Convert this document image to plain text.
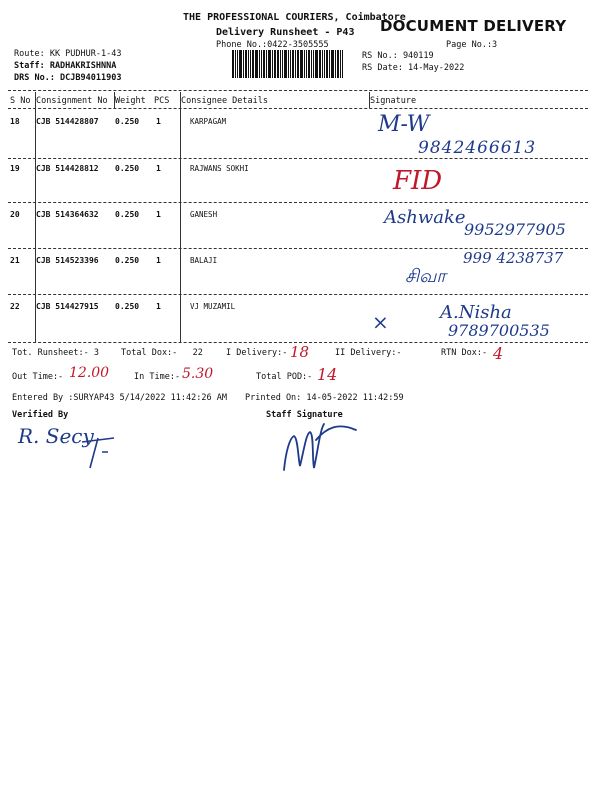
THE PROFESSIONAL COURIERS, Coimbatore
DOCUMENT DELIVERY
Delivery Runsheet - P43
Phone No.:0422-3505555	Page No.:3
Route: KK PUDHUR-1-43
Staff: RADHAKRISHNNA
DRS No.: DCJB94011903
RS No.: 940119
RS Date: 14-May-2022
S No Consignment No Weight PCS Consignee Details	Signature
18 CJB 514428807 0.250 1	KARPAGAM	M-W
9842466613
19 CJB 514428812 0.250 1	RAJWANS SOKHI	FID
20 CJB 514364632 0.250 1	GANESH	Ashwake
9952977905
21 CJB 514523396 0.250 1	BALAJI	999 4238737
சிவா
22 CJB 514427915 0.250 1	VJ MUZAMIL
×	A.Nisha
9789700535
Tot. Runsheet:- 3	Total Dox:-   22	I Delivery:- 18	II Delivery:-	RTN Dox:- 4
Out Time:- 12.00	In Time:- 5.30	Total POD:- 14
Entered By :SURYAP43 5/14/2022 11:42:26 AM Printed On: 14-05-2022 11:42:59
Verified By	Staff Signature
R. Secy
